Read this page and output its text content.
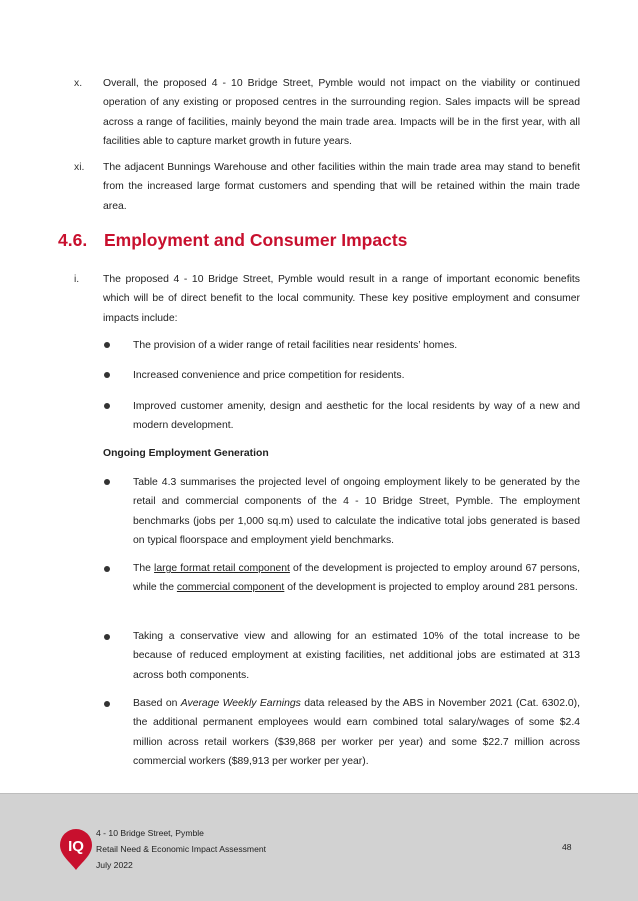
x.	Overall, the proposed 4 - 10 Bridge Street, Pymble would not impact on the viability or continued operation of any existing or proposed centres in the surrounding region. Sales impacts will be spread across a range of facilities, mainly beyond the main trade area. Impacts will be in the first year, with all facilities able to capture market growth in future years.

xi.	The adjacent Bunnings Warehouse and other facilities within the main trade area may stand to benefit from the increased large format customers and spending that will be retained within the main trade area.

4.6. Employment and Consumer Impacts
i.	The proposed 4 - 10 Bridge Street, Pymble would result in a range of important economic benefits which will be of direct benefit to the local community. These key positive employment and consumer impacts include:

The provision of a wider range of retail facilities near residents’ homes.

Increased convenience and price competition for residents.

Improved customer amenity, design and aesthetic for the local residents by way of a new and modern development.

Ongoing Employment Generation

Table 4.3 summarises the projected level of ongoing employment likely to be generated by the retail and commercial components of the 4 - 10 Bridge Street, Pymble. The employment benchmarks (jobs per 1,000 sq.m) used to calculate the indicative total jobs generated is based on typical floorspace and employment yield benchmarks.

The large format retail component of the development is projected to employ around 67 persons, while the commercial component of the development is projected to employ around 281 persons.

Taking a conservative view and allowing for an estimated 10% of the total increase to be because of reduced employment at existing facilities, net additional jobs are estimated at 313 across both components.

Based on Average Weekly Earnings data released by the ABS in November 2021 (Cat. 6302.0), the additional permanent employees would earn combined total salary/wages of some $2.4 million across retail workers ($39,868 per worker per year) and some $22.7 million across commercial workers ($89,913 per worker per year).

IQ
4 - 10 Bridge Street, Pymble
Retail Need & Economic Impact Assessment
July 2022
48
